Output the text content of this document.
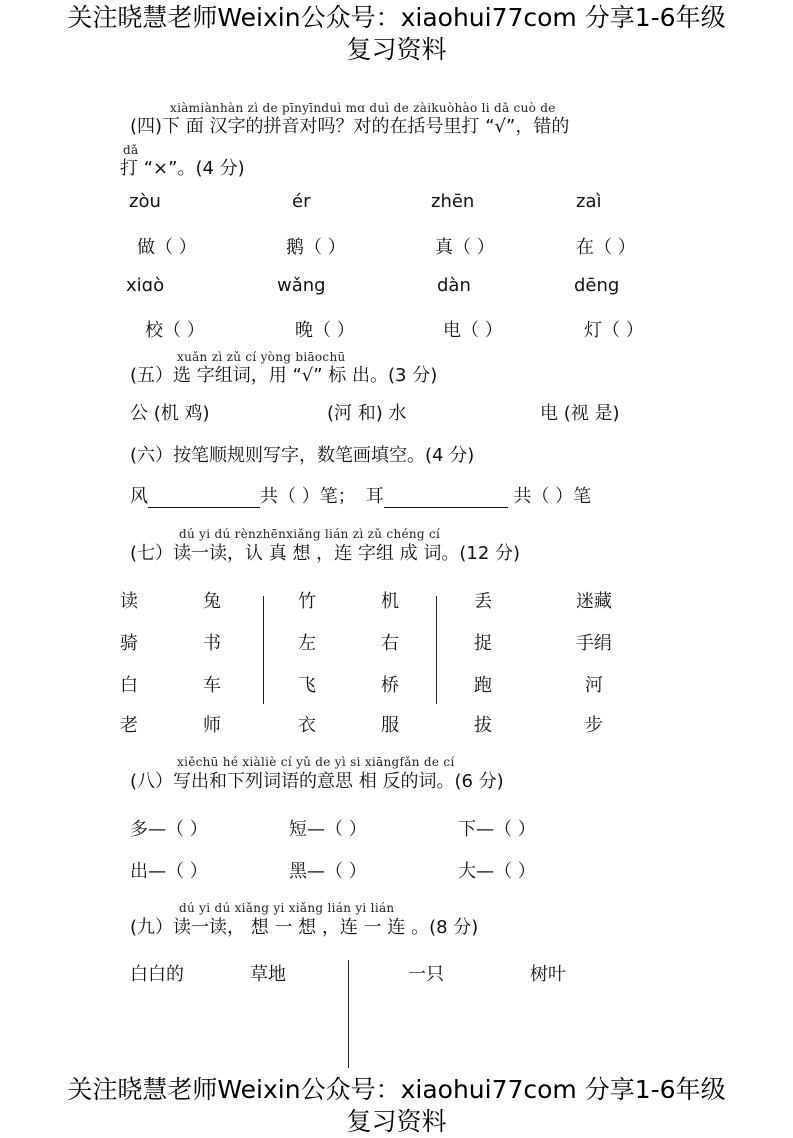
关注晓慧老师Weixin公众号：xiaohui77com 分享1-6年级
复习资料
xiàmiànhàn zì de pīnyīnduì mɑ duì de zàikuòhào li dǎ cuò de
(四)下 面 汉字的拼音对吗？对的在括号里打 “√”，错的
dǎ
打 “×”。(4 分)
zòu	ér	zhēn	zaì
做（ ）	鹅（ ）	真（ ）	在（ ）
xiɑò	wǎng	dàn	dēng
校（ ）	晚（ ）	电（ ）	灯（ ）
xuǎn zì zǔ cí yòng biāochū
(五）选 字组词，用 “√” 标 出。(3 分)
公 (机 鸡)	(河 和) 水	电 (视 是)
(六）按笔顺规则写字，数笔画填空。(4 分)
风	共（ ）笔； 耳	共（ ）笔
dú yi dú rènzhēnxiǎng lián zì zǔ chéng cí
(七）读一读，认 真 想 ，连 字组 成 词。(12 分)
读	兔	竹	机	丢	迷藏
骑	书	左	右	捉	手绢
白	车	飞	桥	跑	河
老	师	衣	服	拔	步
xiěchū hé xiàliè cí yǔ de yì si xiāngfǎn de cí
(八）写出和下列词语的意思 相 反的词。(6 分)
多—（ ）	短—（ ）	下—（ ）
出—（ ）	黑—（ ）	大—（ ）
dú yi dú xiǎng yi xiǎng lián yi lián
(九）读一读， 想 一 想 ，连 一 连 。(8 分)
白白的	草地	一只	树叶
关注晓慧老师Weixin公众号：xiaohui77com 分享1-6年级
复习资料
